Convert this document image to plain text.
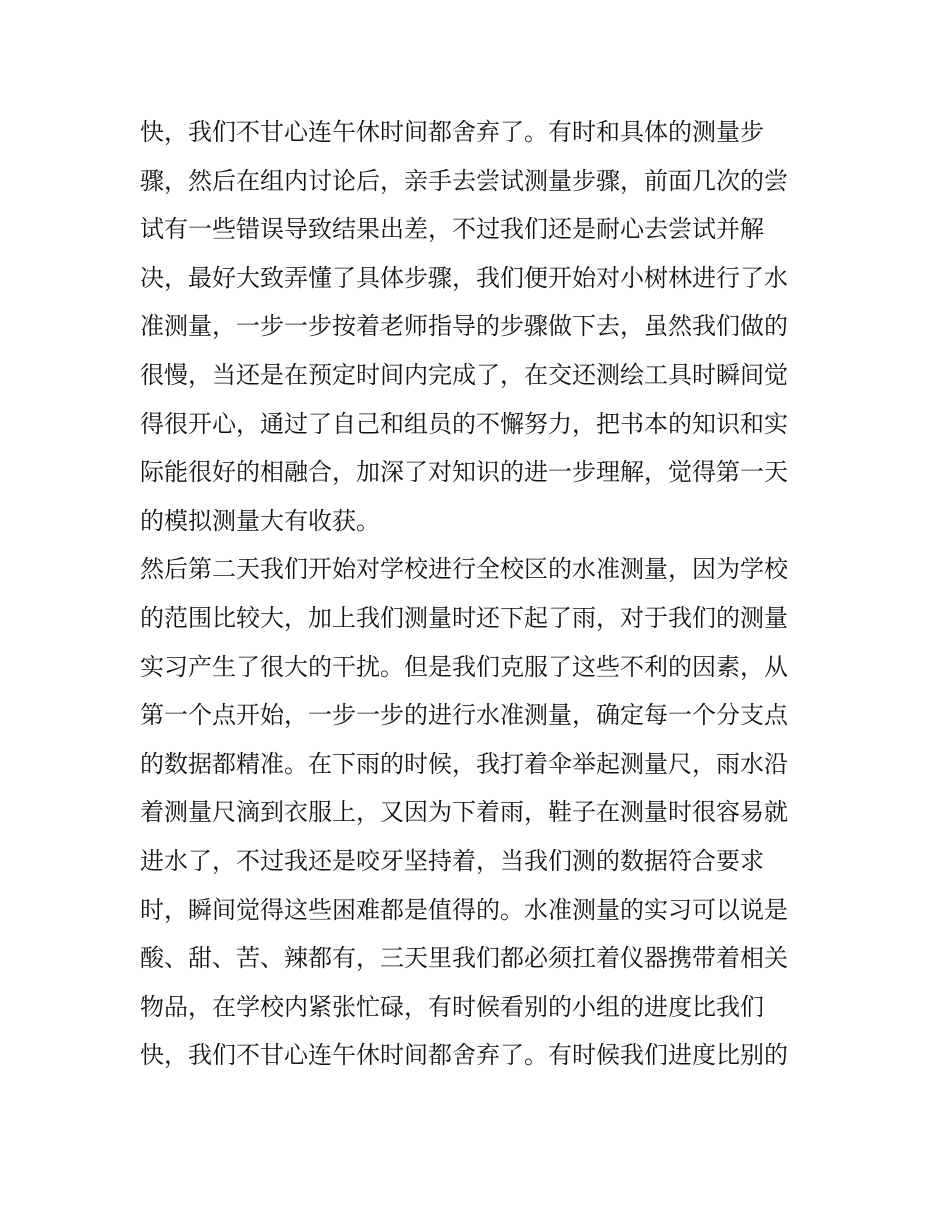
快，我们不甘心连午休时间都舍弃了。有时和具体的测量步
骤，然后在组内讨论后，亲手去尝试测量步骤，前面几次的尝
试有一些错误导致结果出差，不过我们还是耐心去尝试并解
决，最好大致弄懂了具体步骤，我们便开始对小树林进行了水
准测量，一步一步按着老师指导的步骤做下去，虽然我们做的
很慢，当还是在预定时间内完成了，在交还测绘工具时瞬间觉
得很开心，通过了自己和组员的不懈努力，把书本的知识和实
际能很好的相融合，加深了对知识的进一步理解，觉得第一天
的模拟测量大有收获。
然后第二天我们开始对学校进行全校区的水准测量，因为学校
的范围比较大，加上我们测量时还下起了雨，对于我们的测量
实习产生了很大的干扰。但是我们克服了这些不利的因素，从
第一个点开始，一步一步的进行水准测量，确定每一个分支点
的数据都精准。在下雨的时候，我打着伞举起测量尺，雨水沿
着测量尺滴到衣服上，又因为下着雨，鞋子在测量时很容易就
进水了，不过我还是咬牙坚持着，当我们测的数据符合要求
时，瞬间觉得这些困难都是值得的。水准测量的实习可以说是
酸、甜、苦、辣都有，三天里我们都必须扛着仪器携带着相关
物品，在学校内紧张忙碌，有时候看别的小组的进度比我们
快，我们不甘心连午休时间都舍弃了。有时候我们进度比别的
